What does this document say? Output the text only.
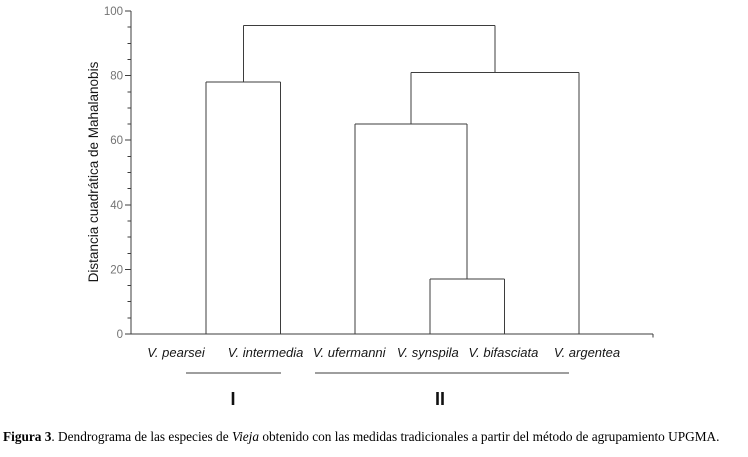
0
20
40
60
80
100
Distancia cuadrática de Mahalanobis
V. pearsei V. intermedia V. ufermanni V. synspila V. bifasciata V. argentea
I	II

Figura 3. Dendrograma de las especies de Vieja obtenido con las medidas tradicionales a partir del método de agrupamiento UPGMA.
